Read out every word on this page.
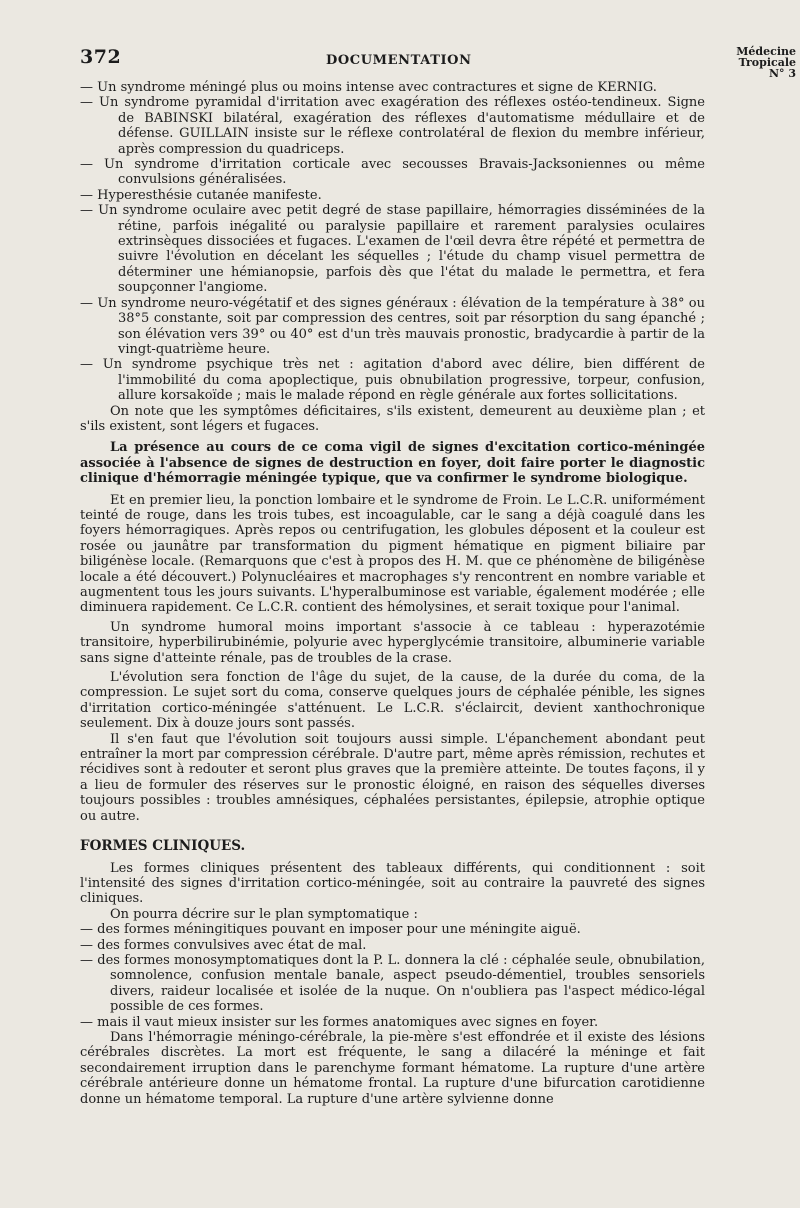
372	DOCUMENTATION
Médecine
Tropicale
N° 3

— Un syndrome méningé plus ou moins intense avec contractures et signe de KERNIG.

— Un syndrome pyramidal d'irritation avec exagération des réflexes ostéo-tendineux. Signe de BABINSKI bilatéral, exagération des réflexes d'automatisme médullaire et de défense. GUILLAIN insiste sur le réflexe controlatéral de flexion du membre inférieur, après compression du quadriceps.

— Un syndrome d'irritation corticale avec secousses Bravais-Jacksoniennes ou même convulsions généralisées.

— Hyperesthésie cutanée manifeste.

— Un syndrome oculaire avec petit degré de stase papillaire, hémorragies disséminées de la rétine, parfois inégalité ou paralysie papillaire et rarement paralysies oculaires extrinsèques dissociées et fugaces. L'examen de l'œil devra être répété et permettra de suivre l'évolution en décelant les séquelles ; l'étude du champ visuel permettra de déterminer une hémianopsie, parfois dès que l'état du malade le permettra, et fera soupçonner l'angiome.

— Un syndrome neuro-végétatif et des signes généraux : élévation de la température à 38° ou 38°5 constante, soit par compression des centres, soit par résorption du sang épanché ; son élévation vers 39° ou 40° est d'un très mauvais pronostic, bradycardie à partir de la vingt-quatrième heure.

— Un syndrome psychique très net : agitation d'abord avec délire, bien différent de l'immobilité du coma apoplectique, puis obnubilation progressive, torpeur, confusion, allure korsakoïde ; mais le malade répond en règle générale aux fortes sollicitations.

On note que les symptômes déficitaires, s'ils existent, demeurent au deuxième plan ; et s'ils existent, sont légers et fugaces.

La présence au cours de ce coma vigil de signes d'excitation cortico-méningée associée à l'absence de signes de destruction en foyer, doit faire porter le diagnostic clinique d'hémorragie méningée typique, que va confirmer le syndrome biologique.

Et en premier lieu, la ponction lombaire et le syndrome de Froin. Le L.C.R. uniformément teinté de rouge, dans les trois tubes, est incoagulable, car le sang a déjà coagulé dans les foyers hémorragiques. Après repos ou centrifugation, les globules déposent et la couleur est rosée ou jaunâtre par transformation du pigment hématique en pigment biliaire par biligénèse locale. (Remarquons que c'est à propos des H. M. que ce phénomène de biligénèse locale a été découvert.) Polynucléaires et macrophages s'y rencontrent en nombre variable et augmentent tous les jours suivants. L'hyperalbuminose est variable, également modérée ; elle diminuera rapidement. Ce L.C.R. contient des hémolysines, et serait toxique pour l'animal.

Un syndrome humoral moins important s'associe à ce tableau : hyperazotémie transitoire, hyperbilirubinémie, polyurie avec hyperglycémie transitoire, albuminerie variable sans signe d'atteinte rénale, pas de troubles de la crase.

L'évolution sera fonction de l'âge du sujet, de la cause, de la durée du coma, de la compression. Le sujet sort du coma, conserve quelques jours de céphalée pénible, les signes d'irritation cortico-méningée s'atténuent. Le L.C.R. s'éclaircit, devient xanthochronique seulement. Dix à douze jours sont passés.

Il s'en faut que l'évolution soit toujours aussi simple. L'épanchement abondant peut entraîner la mort par compression cérébrale. D'autre part, même après rémission, rechutes et récidives sont à redouter et seront plus graves que la première atteinte. De toutes façons, il y a lieu de formuler des réserves sur le pronostic éloigné, en raison des séquelles diverses toujours possibles : troubles amnésiques, céphalées persistantes, épilepsie, atrophie optique ou autre.

FORMES CLINIQUES.

Les formes cliniques présentent des tableaux différents, qui conditionnent : soit l'intensité des signes d'irritation cortico-méningée, soit au contraire la pauvreté des signes cliniques.

On pourra décrire sur le plan symptomatique :

— des formes méningitiques pouvant en imposer pour une méningite aiguë.

— des formes convulsives avec état de mal.

— des formes monosymptomatiques dont la P. L. donnera la clé : céphalée seule, obnubilation, somnolence, confusion mentale banale, aspect pseudo-démentiel, troubles sensoriels divers, raideur localisée et isolée de la nuque. On n'oubliera pas l'aspect médico-légal possible de ces formes.

— mais il vaut mieux insister sur les formes anatomiques avec signes en foyer.

Dans l'hémorragie méningo-cérébrale, la pie-mère s'est effondrée et il existe des lésions cérébrales discrètes. La mort est fréquente, le sang a dilacéré la méninge et fait secondairement irruption dans le parenchyme formant hématome. La rupture d'une artère cérébrale antérieure donne un hématome frontal. La rupture d'une bifurcation carotidienne donne un hématome temporal. La rupture d'une artère sylvienne donne
